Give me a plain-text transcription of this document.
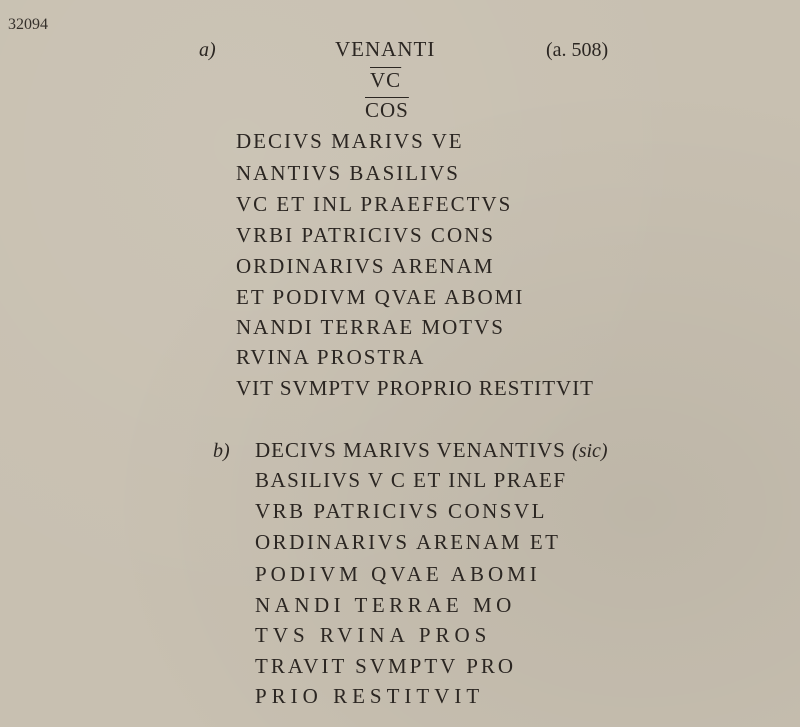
32094
a)	VENANTI	(a. 508)
$\overline{VC}$
$\overline{COS}$
DECIVS MARIVS VE
NANTIVS BASILIVS
VC ET INL PRAEFECTVS
VRBI PATRICIVS CONS
ORDINARIVS ARENAM
ET PODIVM QVAE ABOMI
NANDI TERRAE MOTVS
RVINA PROSTRA
VIT SVMPTV PROPRIO RESTITVIT
b) DECIVS MARIVS VENANTIVS (sic)
BASILIVS V C ET INL PRAEF
VRB PATRICIVS CONSVL
ORDINARIVS ARENAM ET
PODIVM QVAE ABOMI
NANDI TERRAE MO
TVS RVINA PROS
TRAVIT SVMPTV PRO
PRIO RESTITVIT
